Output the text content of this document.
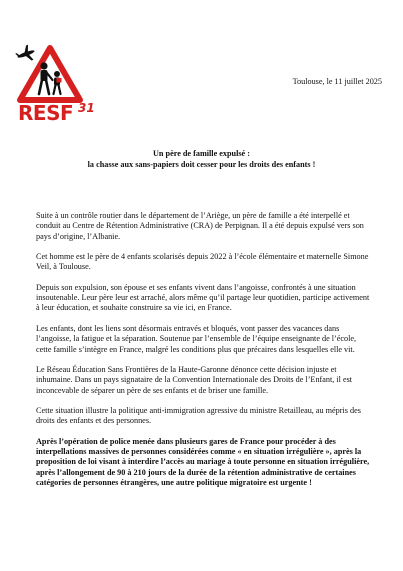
RESF 31
Toulouse, le 11 juillet 2025
Un père de famille expulsé :
la chasse aux sans-papiers doit cesser pour les droits des enfants !

Suite à un contrôle routier dans le département de l’Ariège, un père de famille a été interpellé et conduit au Centre de Rétention Administrative (CRA) de Perpignan. Il a été depuis expulsé vers son pays d’origine, l’Albanie.

Cet homme est le père de 4 enfants scolarisés depuis 2022 à l’école élémentaire et maternelle Simone Veil, à Toulouse.

Depuis son expulsion, son épouse et ses enfants vivent dans l’angoisse, confrontés à une situation insoutenable. Leur père leur est arraché, alors même qu’il partage leur quotidien, participe activement à leur éducation, et souhaite construire sa vie ici, en France.

Les enfants, dont les liens sont désormais entravés et bloqués, vont passer des vacances dans l’angoisse, la fatigue et la séparation. Soutenue par l’ensemble de l’équipe enseignante de l’école, cette famille s’intègre en France, malgré les conditions plus que précaires dans lesquelles elle vit.

Le Réseau Éducation Sans Frontières de la Haute-Garonne dénonce cette décision injuste et inhumaine. Dans un pays signataire de la Convention Internationale des Droits de l’Enfant, il est inconcevable de séparer un père de ses enfants et de briser une famille.

Cette situation illustre la politique anti-immigration agressive du ministre Retailleau, au mépris des droits des enfants et des personnes.

Après l’opération de police menée dans plusieurs gares de France pour procéder à des interpellations massives de personnes considérées comme « en situation irrégulière », après la proposition de loi visant à interdire l’accès au mariage à toute personne en situation irrégulière, après l’allongement de 90 à 210 jours de la durée de la rétention administrative de certaines catégories de personnes étrangères, une autre politique migratoire est urgente !
